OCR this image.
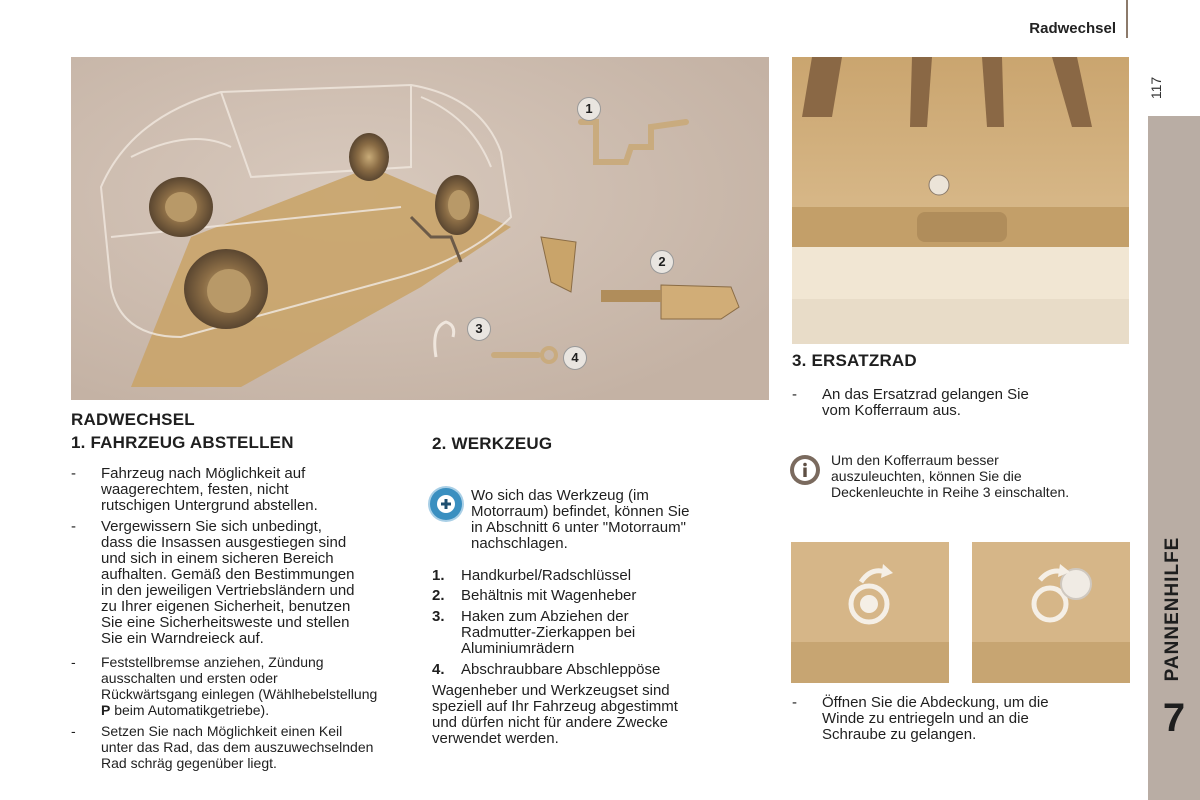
Radwechsel
117
PANNENHILFE
7
1
2
3
4
RADWECHSEL
1. FAHRZEUG ABSTELLEN
- Fahrzeug nach Möglichkeit auf
waagerechtem, festen, nicht
rutschigen Untergrund abstellen.
- Vergewissern Sie sich unbedingt,
dass die Insassen ausgestiegen sind
und sich in einem sicheren Bereich
aufhalten. Gemäß den Bestimmungen
in den jeweiligen Vertriebsländern und
zu Ihrer eigenen Sicherheit, benutzen
Sie eine Sicherheitsweste und stellen
Sie ein Warndreieck auf.
- Feststellbremse anziehen, Zündung
ausschalten und ersten oder
Rückwärtsgang einlegen (Wählhebelstellung
P beim Automatikgetriebe).
- Setzen Sie nach Möglichkeit einen Keil
unter das Rad, das dem auszuwechselnden
Rad schräg gegenüber liegt.
2. WERKZEUG
Wo sich das Werkzeug (im
Motorraum) befindet, können Sie
in Abschnitt 6 unter "Motorraum"
nachschlagen.
1. Handkurbel/Radschlüssel
2. Behältnis mit Wagenheber
3. Haken zum Abziehen der
Radmutter-Zierkappen bei
Aluminiumrädern
4. Abschraubbare Abschleppöse
Wagenheber und Werkzeugset sind
speziell auf Ihr Fahrzeug abgestimmt
und dürfen nicht für andere Zwecke
verwendet werden.
3. ERSATZRAD
- An das Ersatzrad gelangen Sie
vom Kofferraum aus.
Um den Kofferraum besser
auszuleuchten, können Sie die
Deckenleuchte in Reihe 3 einschalten.
- Öffnen Sie die Abdeckung, um die
Winde zu entriegeln und an die
Schraube zu gelangen.
